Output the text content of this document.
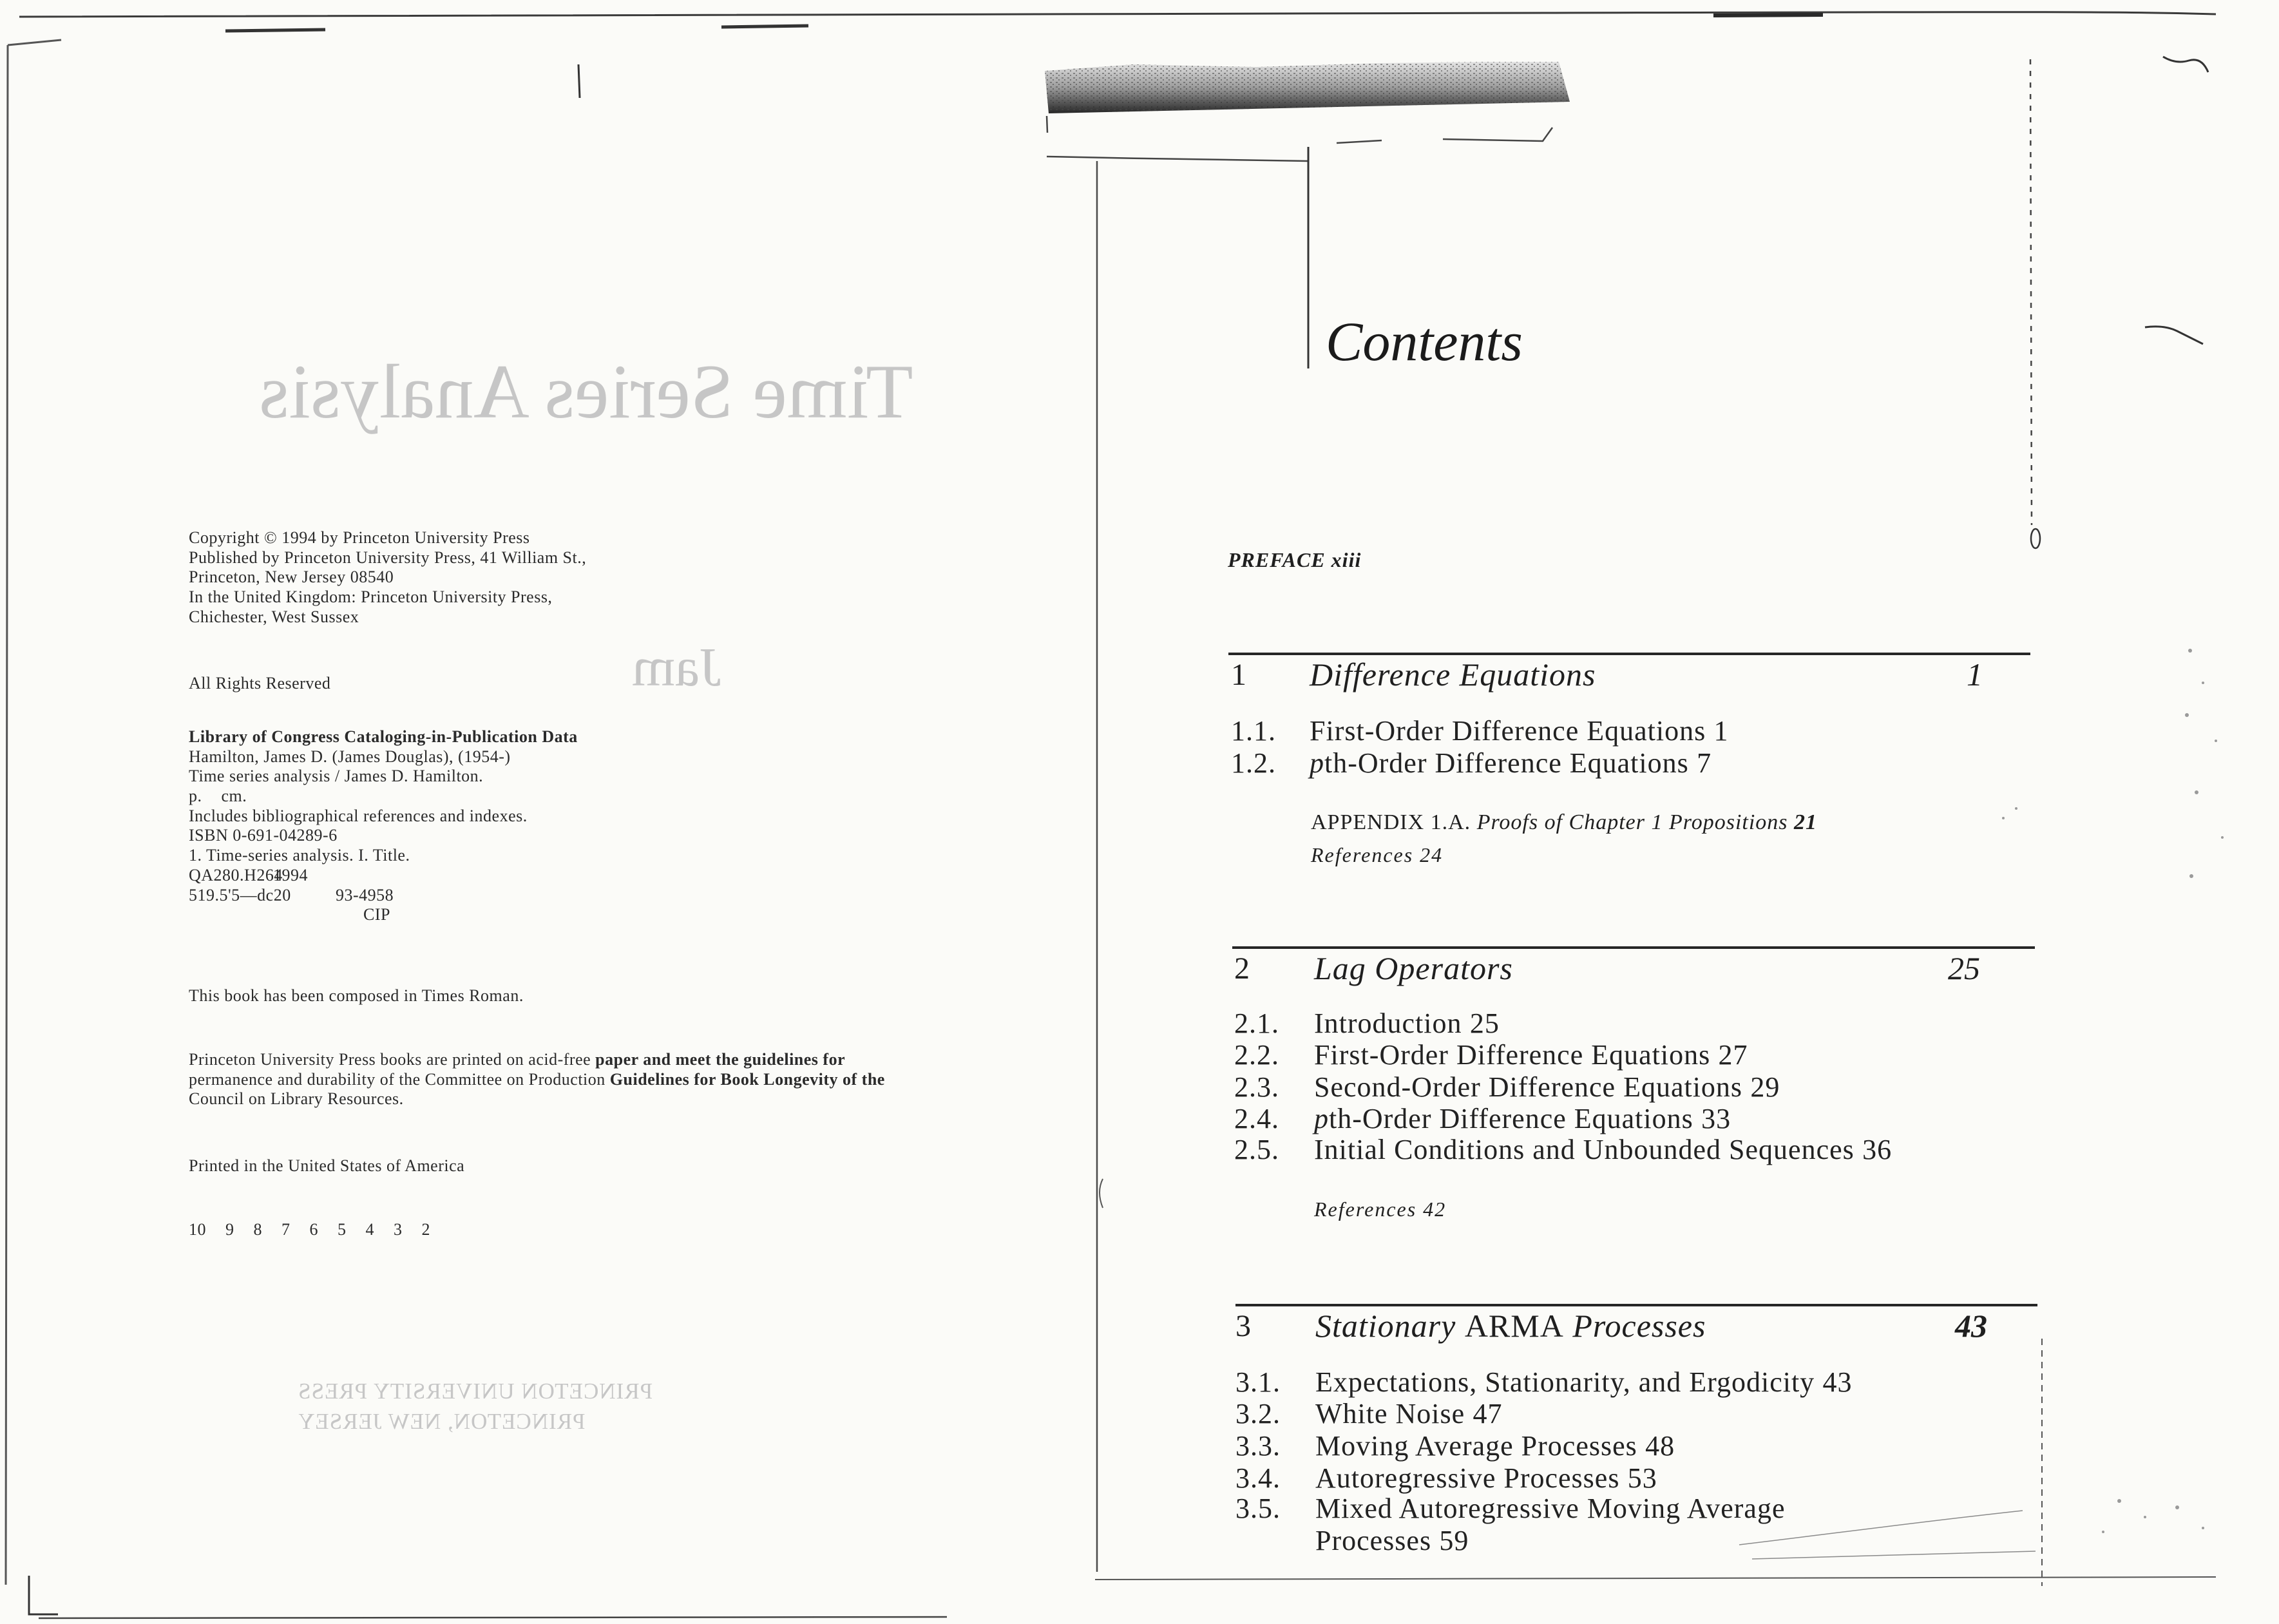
Time Series Analysis
Jam
PRINCETON UNIVERSITY PRESS
PRINCETON, NEW JERSEY
Copyright © 1994 by Princeton University Press
Published by Princeton University Press, 41 William St.,
Princeton, New Jersey 08540
In the United Kingdom: Princeton University Press,
Chichester, West Sussex
All Rights Reserved
Library of Congress Cataloging-in-Publication Data
Hamilton, James D. (James Douglas), (1954-)
Time series analysis / James D. Hamilton.
p. cm.
Includes bibliographical references and indexes.
ISBN 0-691-04289-6
1. Time-series analysis. I. Title.
QA280.H264
1994
519.5'5—dc20	93-4958
CIP
This book has been composed in Times Roman.
Princeton University Press books are printed on acid-free paper and meet the guidelines for
permanence and durability of the Committee on Production Guidelines for Book Longevity of the
Council on Library Resources.
Printed in the United States of America
10 9 8 7 6 5 4 3 2
Contents
PREFACE xiii
1 Difference Equations	1
1.1. First-Order Difference Equations 1
1.2. pth-Order Difference Equations 7
APPENDIX 1.A. Proofs of Chapter 1 Propositions 21
References 24
2 Lag Operators	25
2.1. Introduction 25
2.2. First-Order Difference Equations 27
2.3. Second-Order Difference Equations 29
2.4. pth-Order Difference Equations 33
2.5. Initial Conditions and Unbounded Sequences 36
References 42
3 Stationary ARMA Processes	43
3.1. Expectations, Stationarity, and Ergodicity 43
3.2. White Noise 47
3.3. Moving Average Processes 48
3.4. Autoregressive Processes 53
3.5. Mixed Autoregressive Moving Average
Processes 59
